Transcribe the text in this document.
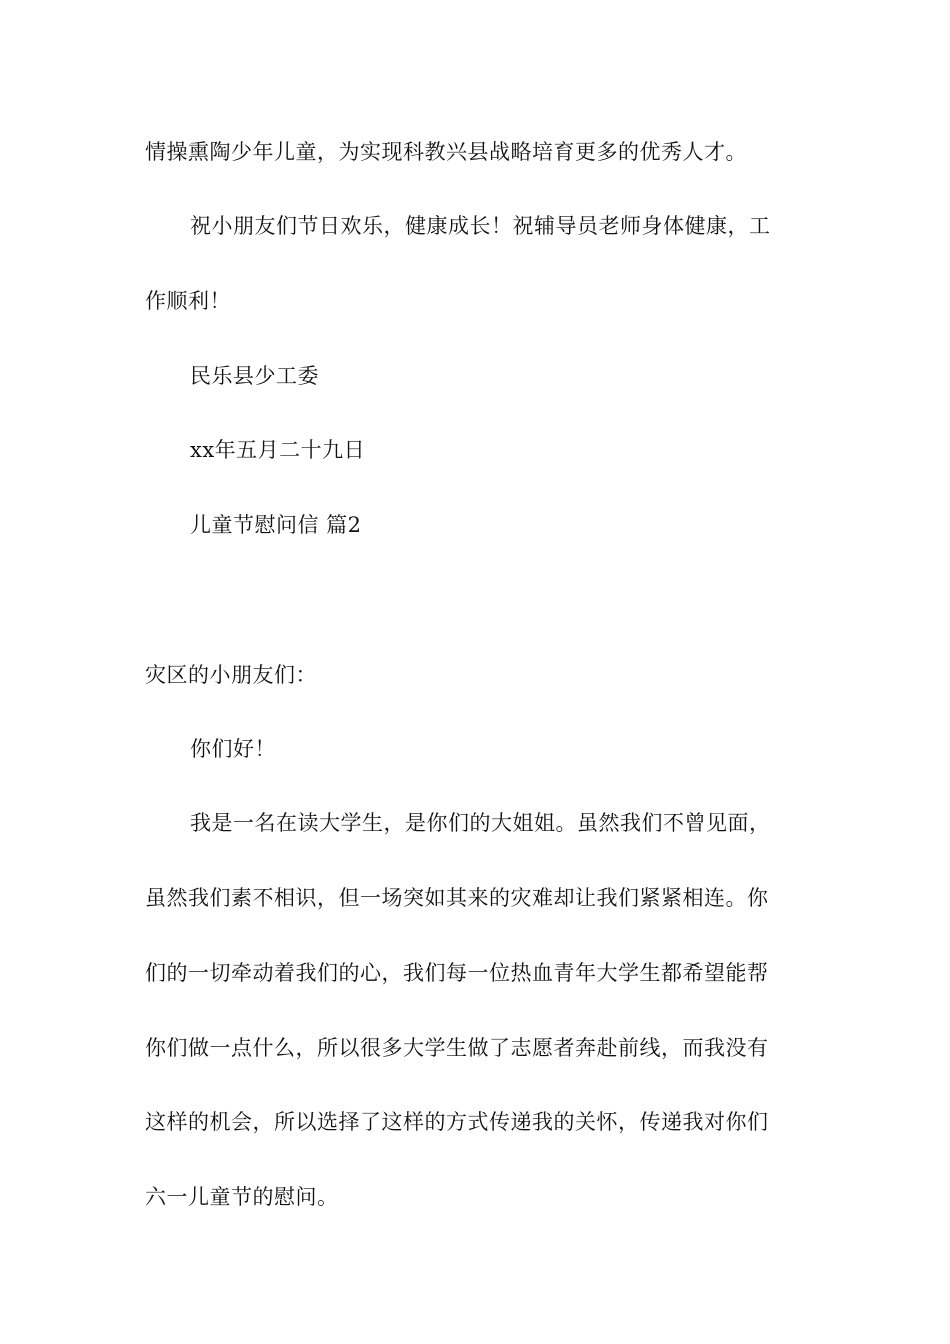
情操熏陶少年儿童，为实现科教兴县战略培育更多的优秀人才。
祝小朋友们节日欢乐，健康成长！祝辅导员老师身体健康，工
作顺利！
民乐县少工委
xx年五月二十九日
儿童节慰问信 篇2
灾区的小朋友们：
你们好！
我是一名在读大学生，是你们的大姐姐。虽然我们不曾见面，
虽然我们素不相识，但一场突如其来的灾难却让我们紧紧相连。你
们的一切牵动着我们的心，我们每一位热血青年大学生都希望能帮
你们做一点什么，所以很多大学生做了志愿者奔赴前线，而我没有
这样的机会，所以选择了这样的方式传递我的关怀，传递我对你们
六一儿童节的慰问。
